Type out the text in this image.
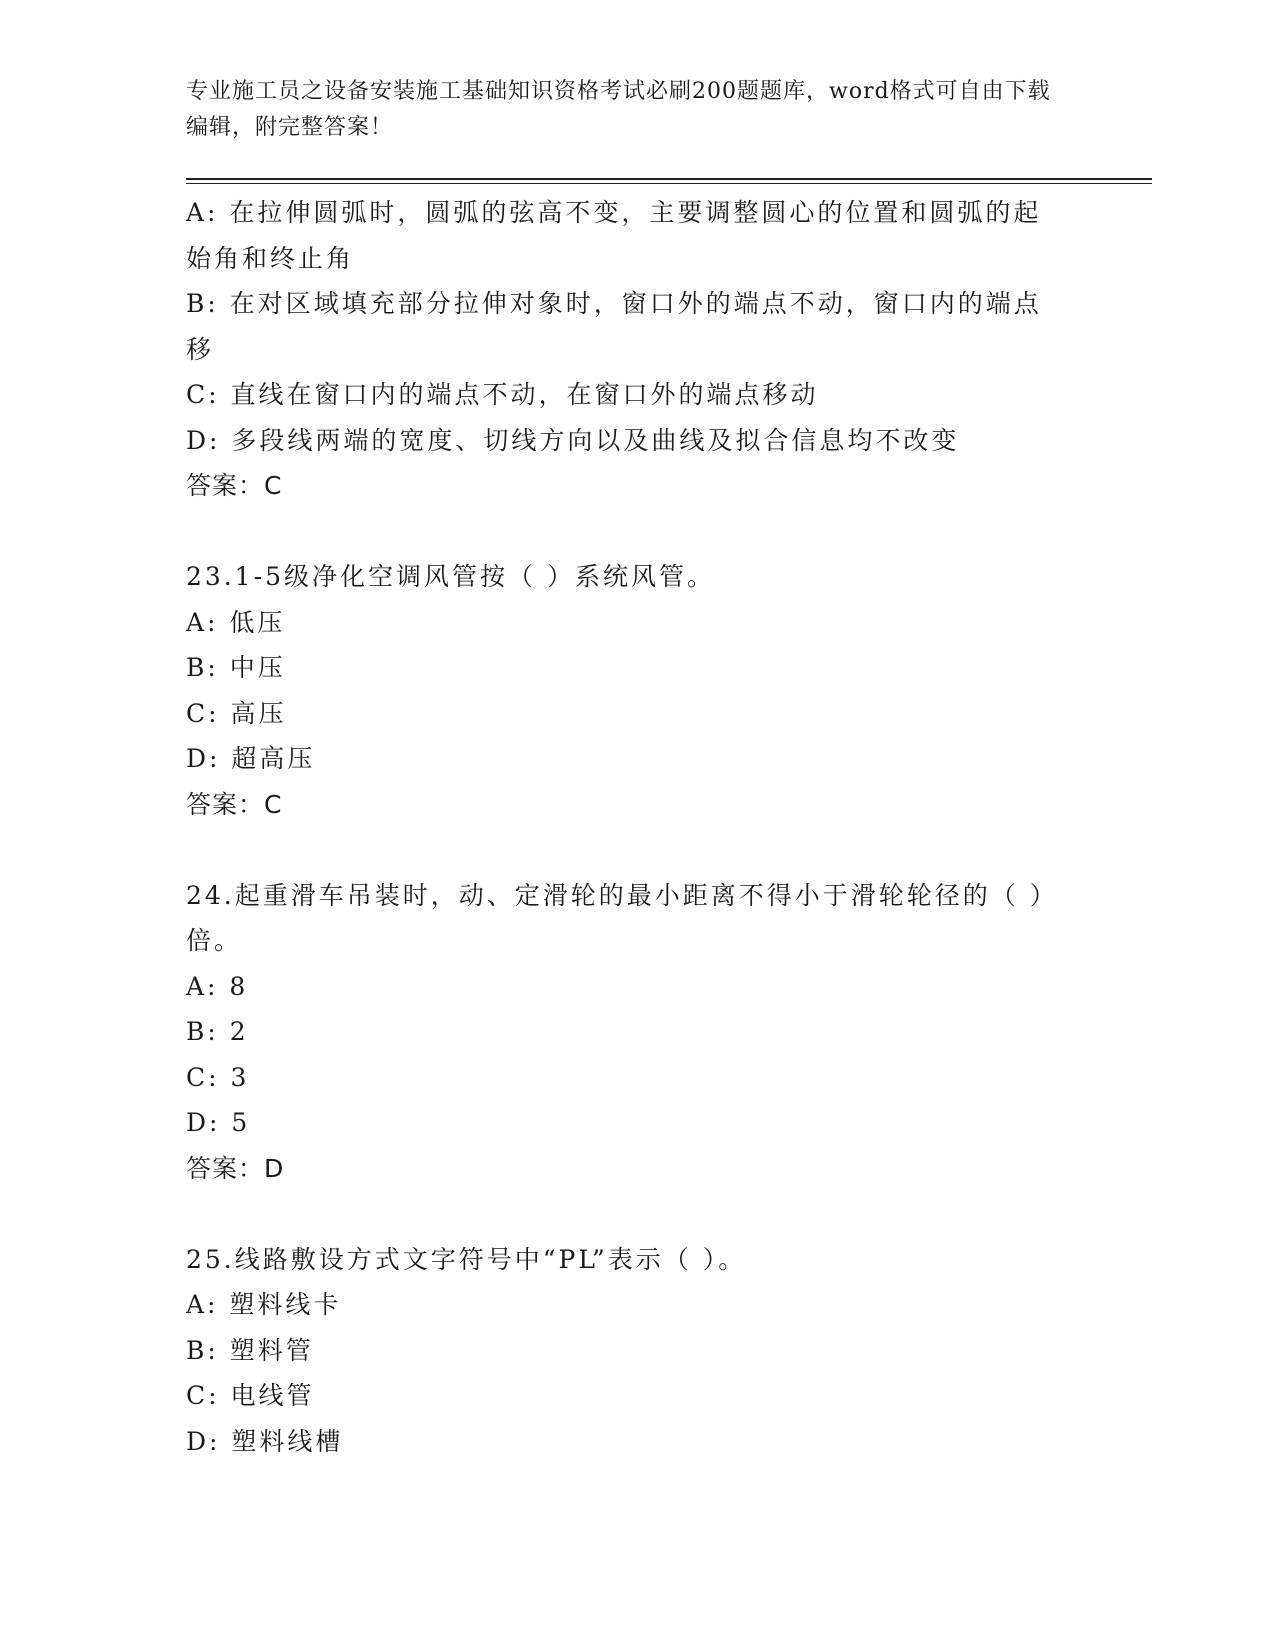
专业施工员之设备安装施工基础知识资格考试必刷200题题库，word格式可自由下载编辑，附完整答案！
A: 在拉伸圆弧时，圆弧的弦高不变，主要调整圆心的位置和圆弧的起始角和终止角
B: 在对区域填充部分拉伸对象时，窗口外的端点不动，窗口内的端点移
C: 直线在窗口内的端点不动，在窗口外的端点移动
D: 多段线两端的宽度、切线方向以及曲线及拟合信息均不改变
答案：C
23.1-5级净化空调风管按（ ）系统风管。
A: 低压
B: 中压
C: 高压
D: 超高压
答案：C
24.起重滑车吊装时，动、定滑轮的最小距离不得小于滑轮轮径的（ ）倍。
A: 8
B: 2
C: 3
D: 5
答案：D
25.线路敷设方式文字符号中“PL”表示（ ）。
A: 塑料线卡
B: 塑料管
C: 电线管
D: 塑料线槽
